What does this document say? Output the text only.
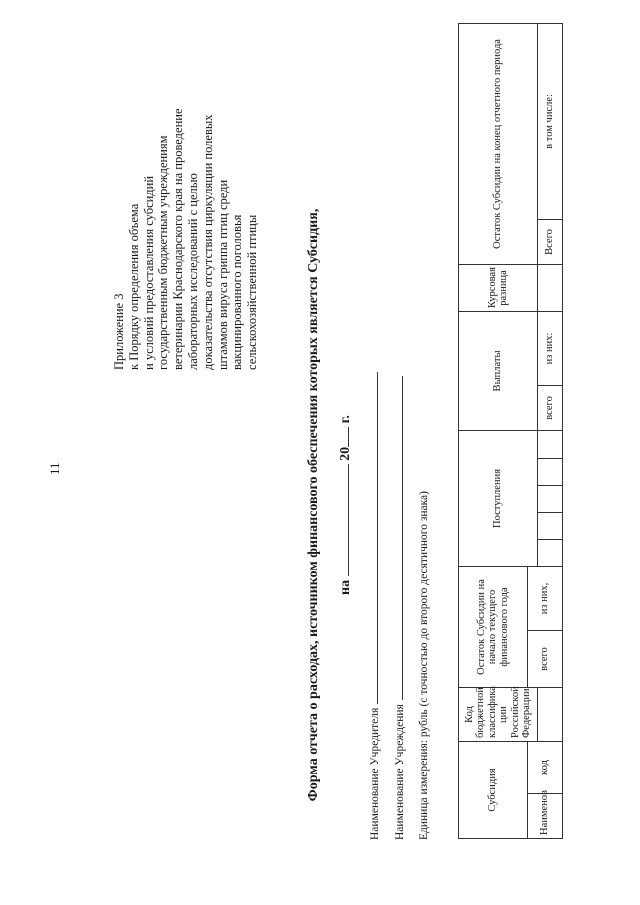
11
Приложение 3 к Порядку определения объема и условий предоставления субсидий государственным бюджетным учреждениям ветеринарии Краснодарского края на проведение лабораторных исследований с целью доказательства отсутствия циркуляции полевых штаммов вируса гриппа птиц среди вакцинированного поголовья сельскохозяйственной птицы	Форма отчета о расходах, источником финансового обеспечения которых является Субсидия, на  20 г.
Наименование Учредителя	Наименование Учреждения Единица измерения: рубль (с точностью до второго десятичного знака)	Субсидия		Код бюджетной классифика ции Российской Федерации	Остаток Субсидии на начало текущего финансового года		Поступления					Выплаты		Курсовая разница	Остаток Субсидии на конец отчетного периода	
Наименов	код		всего	из них,										
										всего	из них:		Всего	в том числе:
